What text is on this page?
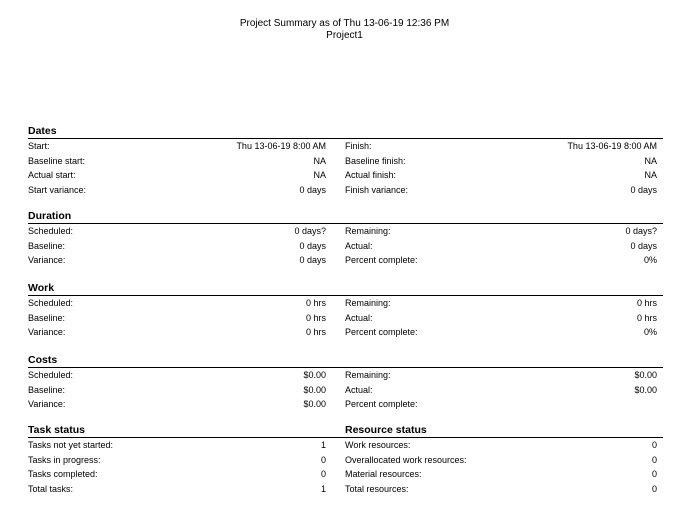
Project Summary as of Thu 13-06-19 12:36 PM
Project1
Dates
Start:	Thu 13-06-19 8:00 AM Finish:	Thu 13-06-19 8:00 AM
Baseline start:	NA Baseline finish:	NA
Actual start:	NA Actual finish:	NA
Start variance:	0 days Finish variance:	0 days
Duration
Scheduled:	0 days? Remaining:	0 days?
Baseline:	0 days Actual:	0 days
Variance:	0 days Percent complete:	0%
Work
Scheduled:	0 hrs Remaining:	0 hrs
Baseline:	0 hrs Actual:	0 hrs
Variance:	0 hrs Percent complete:	0%
Costs
Scheduled:	$0.00 Remaining:	$0.00
Baseline:	$0.00 Actual:	$0.00
Variance:	$0.00 Percent complete:
Task status	Resource status
Tasks not yet started:	1 Work resources:	0
Tasks in progress:	0 Overallocated work resources:	0
Tasks completed:	0 Material resources:	0
Total tasks:	1 Total resources:	0
